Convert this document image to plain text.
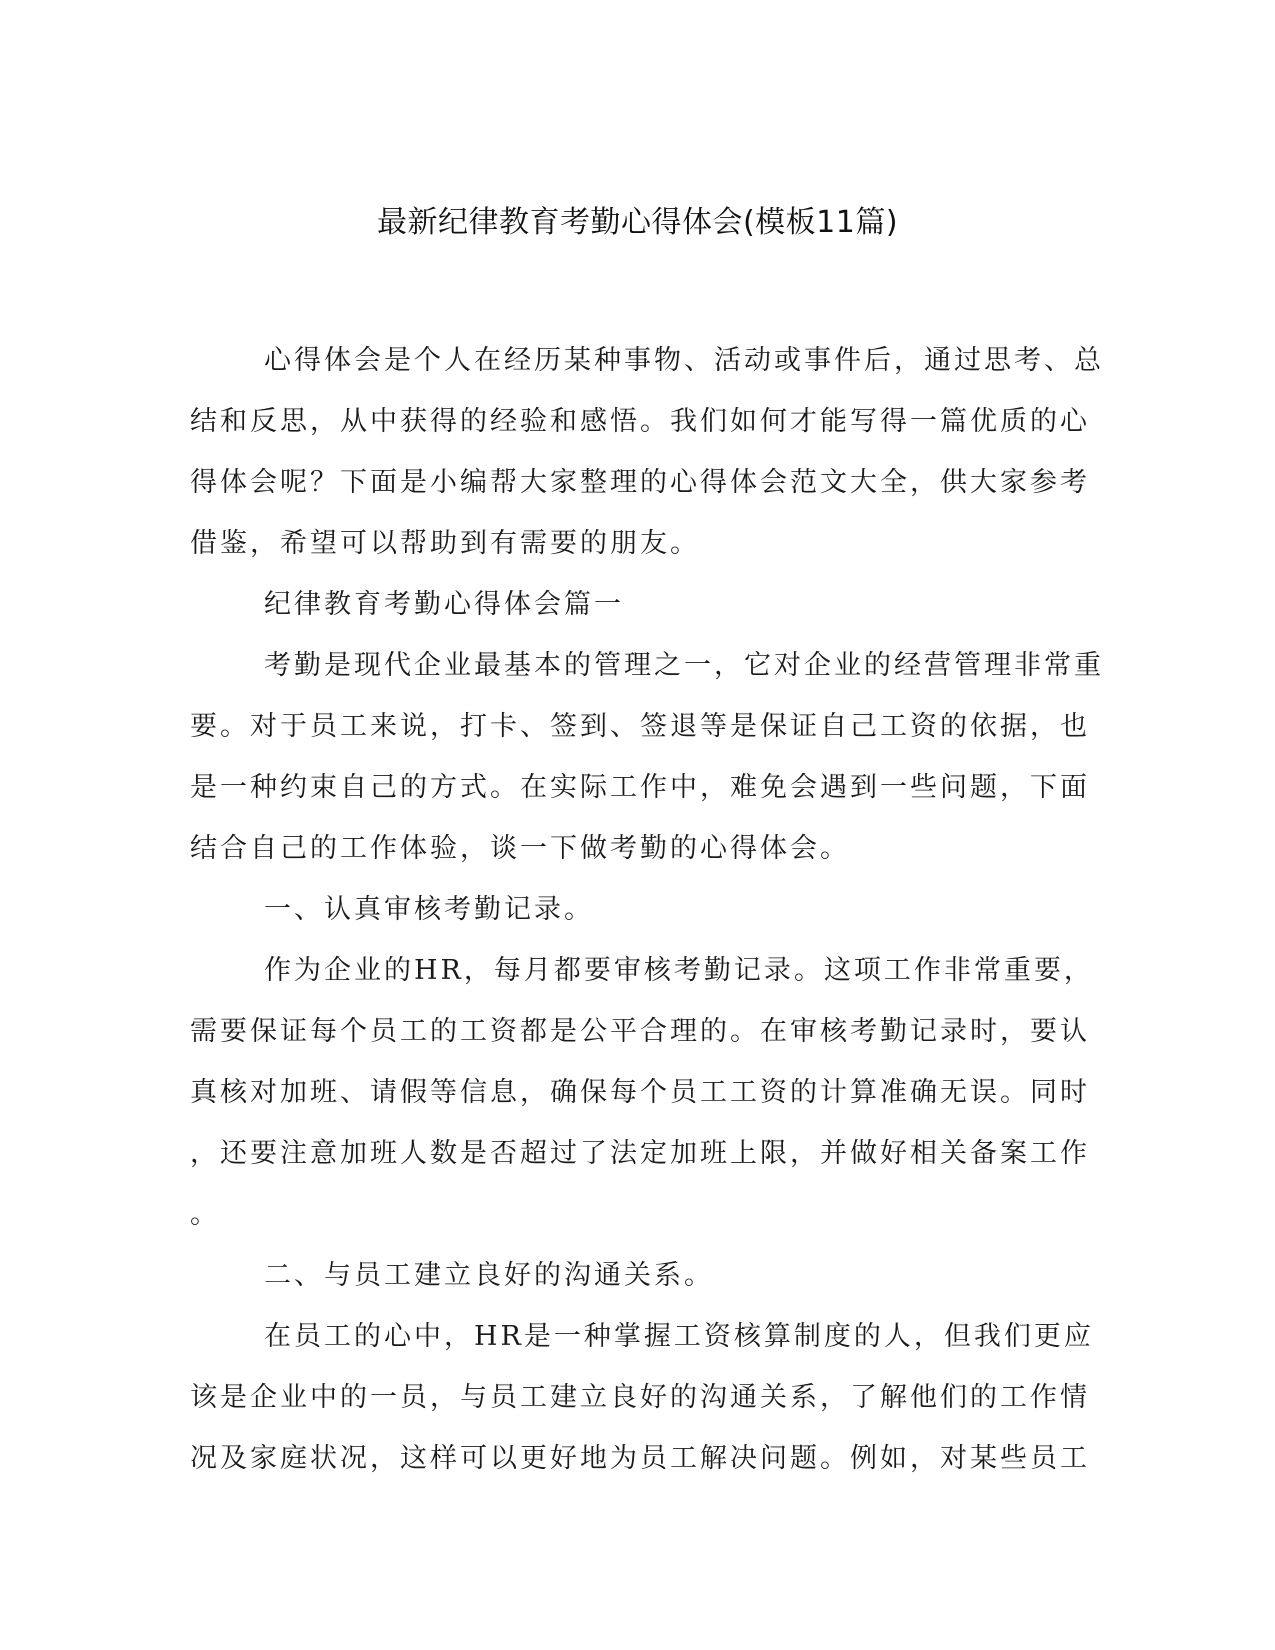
最新纪律教育考勤心得体会(模板11篇)
心得体会是个人在经历某种事物、活动或事件后，通过思考、总
结和反思，从中获得的经验和感悟。我们如何才能写得一篇优质的心
得体会呢？下面是小编帮大家整理的心得体会范文大全，供大家参考
借鉴，希望可以帮助到有需要的朋友。
纪律教育考勤心得体会篇一
考勤是现代企业最基本的管理之一，它对企业的经营管理非常重
要。对于员工来说，打卡、签到、签退等是保证自己工资的依据，也
是一种约束自己的方式。在实际工作中，难免会遇到一些问题，下面
结合自己的工作体验，谈一下做考勤的心得体会。
一、认真审核考勤记录。
作为企业的HR，每月都要审核考勤记录。这项工作非常重要，
需要保证每个员工的工资都是公平合理的。在审核考勤记录时，要认
真核对加班、请假等信息，确保每个员工工资的计算准确无误。同时
，还要注意加班人数是否超过了法定加班上限，并做好相关备案工作
。
二、与员工建立良好的沟通关系。
在员工的心中，HR是一种掌握工资核算制度的人，但我们更应
该是企业中的一员，与员工建立良好的沟通关系，了解他们的工作情
况及家庭状况，这样可以更好地为员工解决问题。例如，对某些员工
